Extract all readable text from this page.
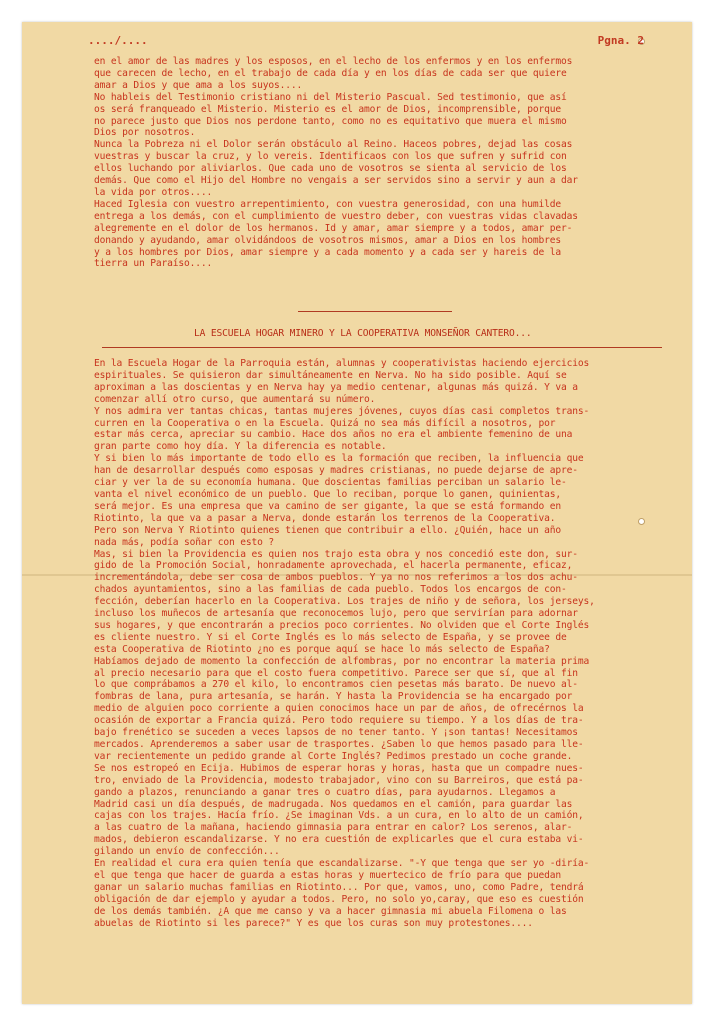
..../....	Pgna. 2
en el amor de las madres y los esposos, en el lecho de los enfermos y en los enfermos
que carecen de lecho, en el trabajo de cada día y en los días de cada ser que quiere
amar a Dios y que ama a los suyos....
No hableis del Testimonio cristiano ni del Misterio Pascual. Sed testimonio, que así
os será franqueado el Misterio. Misterio es el amor de Dios, incomprensible, porque
no parece justo que Dios nos perdone tanto, como no es equitativo que muera el mismo
Dios por nosotros.
Nunca la Pobreza ni el Dolor serán obstáculo al Reino. Haceos pobres, dejad las cosas
vuestras y buscar la cruz, y lo vereis. Identificaos con los que sufren y sufrid con
ellos luchando por aliviarlos. Que cada uno de vosotros se sienta al servicio de los
demás. Que como el Hijo del Hombre no vengais a ser servidos sino a servir y aun a dar
la vida por otros....
Haced Iglesia con vuestro arrepentimiento, con vuestra generosidad, con una humilde
entrega a los demás, con el cumplimiento de vuestro deber, con vuestras vidas clavadas
alegremente en el dolor de los hermanos. Id y amar, amar siempre y a todos, amar per-
donando y ayudando, amar olvidándoos de vosotros mismos, amar a Dios en los hombres
y a los hombres por Dios, amar siempre y a cada momento y a cada ser y hareis de la
tierra un Paraíso....
LA ESCUELA HOGAR MINERO Y LA COOPERATIVA MONSEÑOR CANTERO...
En la Escuela Hogar de la Parroquia están, alumnas y cooperativistas haciendo ejercicios
espirituales. Se quisieron dar simultáneamente en Nerva. No ha sido posible. Aquí se
aproximan a las doscientas y en Nerva hay ya medio centenar, algunas más quizá. Y va a
comenzar allí otro curso, que aumentará su número.
Y nos admira ver tantas chicas, tantas mujeres jóvenes, cuyos días casi completos trans-
curren en la Cooperativa o en la Escuela. Quizá no sea más difícil a nosotros, por
estar más cerca, apreciar su cambio. Hace dos años no era el ambiente femenino de una
gran parte como hoy día. Y la diferencia es notable.
Y si bien lo más importante de todo ello es la formación que reciben, la influencia que
han de desarrollar después como esposas y madres cristianas, no puede dejarse de apre-
ciar y ver la de su economía humana. Que doscientas familias perciban un salario le-
vanta el nivel económico de un pueblo. Que lo reciban, porque lo ganen, quinientas,
será mejor. Es una empresa que va camino de ser gigante, la que se está formando en
Riotinto, la que va a pasar a Nerva, donde estarán los terrenos de la Cooperativa.
Pero son Nerva Y Riotinto quienes tienen que contribuir a ello. ¿Quién, hace un año
nada más, podía soñar con esto ?
Mas, si bien la Providencia es quien nos trajo esta obra y nos concedió este don, sur-
gido de la Promoción Social, honradamente aprovechada, el hacerla permanente, eficaz,
incrementándola, debe ser cosa de ambos pueblos. Y ya no nos referimos a los dos achu-
chados ayuntamientos, sino a las familias de cada pueblo. Todos los encargos de con-
fección, deberían hacerlo en la Cooperativa. Los trajes de niño y de señora, los jerseys,
incluso los muñecos de artesanía que reconocemos lujo, pero que servirían para adornar
sus hogares, y que encontrarán a precios poco corrientes. No olviden que el Corte Inglés
es cliente nuestro. Y si el Corte Inglés es lo más selecto de España, y se provee de
esta Cooperativa de Riotinto ¿no es porque aquí se hace lo más selecto de España?
Habíamos dejado de momento la confección de alfombras, por no encontrar la materia prima
al precio necesario para que el costo fuera competitivo. Parece ser que sí, que al fin
lo que comprábamos a 270 el kilo, lo encontramos cien pesetas más barato. De nuevo al-
fombras de lana, pura artesanía, se harán. Y hasta la Providencia se ha encargado por
medio de alguien poco corriente a quien conocimos hace un par de años, de ofrecérnos la
ocasión de exportar a Francia quizá. Pero todo requiere su tiempo. Y a los días de tra-
bajo frenético se suceden a veces lapsos de no tener tanto. Y ¡son tantas! Necesitamos
mercados. Aprenderemos a saber usar de trasportes. ¿Saben lo que hemos pasado para lle-
var recientemente un pedido grande al Corte Inglés? Pedimos prestado un coche grande.
Se nos estropeó en Ecija. Hubimos de esperar horas y horas, hasta que un compadre nues-
tro, enviado de la Providencia, modesto trabajador, vino con su Barreiros, que está pa-
gando a plazos, renunciando a ganar tres o cuatro días, para ayudarnos. Llegamos a
Madrid casi un día después, de madrugada. Nos quedamos en el camión, para guardar las
cajas con los trajes. Hacía frío. ¿Se imaginan Vds. a un cura, en lo alto de un camión,
a las cuatro de la mañana, haciendo gimnasia para entrar en calor? Los serenos, alar-
mados, debieron escandalizarse. Y no era cuestión de explicarles que el cura estaba vi-
gilando un envío de confección...
En realidad el cura era quien tenía que escandalizarse. "-Y que tenga que ser yo -diría-
el que tenga que hacer de guarda a estas horas y muertecico de frío para que puedan
ganar un salario muchas familias en Riotinto... Por que, vamos, uno, como Padre, tendrá
obligación de dar ejemplo y ayudar a todos. Pero, no solo yo,caray, que eso es cuestión
de los demás también. ¿A que me canso y va a hacer gimnasia mi abuela Filomena o las
abuelas de Riotinto si les parece?" Y es que los curas son muy protestones....
